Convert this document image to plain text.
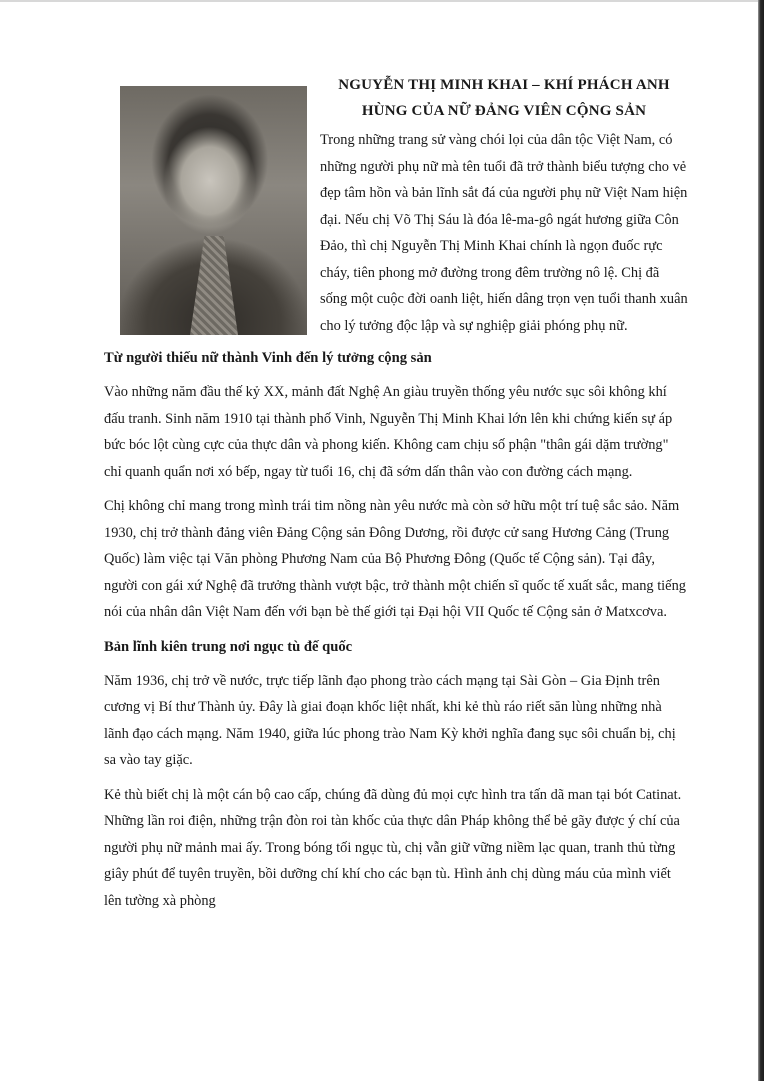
NGUYỄN THỊ MINH KHAI – KHÍ PHÁCH ANH HÙNG CỦA NỮ ĐẢNG VIÊN CỘNG SẢN

Trong những trang sử vàng chói lọi của dân tộc Việt Nam, có những người phụ nữ mà tên tuổi đã trở thành biểu tượng cho vẻ đẹp tâm hồn và bản lĩnh sắt đá của người phụ nữ Việt Nam hiện đại. Nếu chị Võ Thị Sáu là đóa lê-ma-gô ngát hương giữa Côn Đảo, thì chị Nguyễn Thị Minh Khai chính là ngọn đuốc rực cháy, tiên phong mở đường trong đêm trường nô lệ. Chị đã sống một cuộc đời oanh liệt, hiến dâng trọn vẹn tuổi thanh xuân cho lý tưởng độc lập và sự nghiệp giải phóng phụ nữ.

Từ người thiếu nữ thành Vinh đến lý tưởng cộng sản

Vào những năm đầu thế kỷ XX, mảnh đất Nghệ An giàu truyền thống yêu nước sục sôi không khí đấu tranh. Sinh năm 1910 tại thành phố Vinh, Nguyễn Thị Minh Khai lớn lên khi chứng kiến sự áp bức bóc lột cùng cực của thực dân và phong kiến. Không cam chịu số phận "thân gái dặm trường" chỉ quanh quẩn nơi xó bếp, ngay từ tuổi 16, chị đã sớm dấn thân vào con đường cách mạng.

Chị không chỉ mang trong mình trái tim nồng nàn yêu nước mà còn sở hữu một trí tuệ sắc sảo. Năm 1930, chị trở thành đảng viên Đảng Cộng sản Đông Dương, rồi được cử sang Hương Cảng (Trung Quốc) làm việc tại Văn phòng Phương Nam của Bộ Phương Đông (Quốc tế Cộng sản). Tại đây, người con gái xứ Nghệ đã trưởng thành vượt bậc, trở thành một chiến sĩ quốc tế xuất sắc, mang tiếng nói của nhân dân Việt Nam đến với bạn bè thế giới tại Đại hội VII Quốc tế Cộng sản ở Matxcơva.

Bản lĩnh kiên trung nơi ngục tù đế quốc

Năm 1936, chị trở về nước, trực tiếp lãnh đạo phong trào cách mạng tại Sài Gòn – Gia Định trên cương vị Bí thư Thành ủy. Đây là giai đoạn khốc liệt nhất, khi kẻ thù ráo riết săn lùng những nhà lãnh đạo cách mạng. Năm 1940, giữa lúc phong trào Nam Kỳ khởi nghĩa đang sục sôi chuẩn bị, chị sa vào tay giặc.

Kẻ thù biết chị là một cán bộ cao cấp, chúng đã dùng đủ mọi cực hình tra tấn dã man tại bót Catinat. Những lần roi điện, những trận đòn roi tàn khốc của thực dân Pháp không thể bẻ gãy được ý chí của người phụ nữ mảnh mai ấy. Trong bóng tối ngục tù, chị vẫn giữ vững niềm lạc quan, tranh thủ từng giây phút để tuyên truyền, bồi dưỡng chí khí cho các bạn tù. Hình ảnh chị dùng máu của mình viết lên tường xà phòng
